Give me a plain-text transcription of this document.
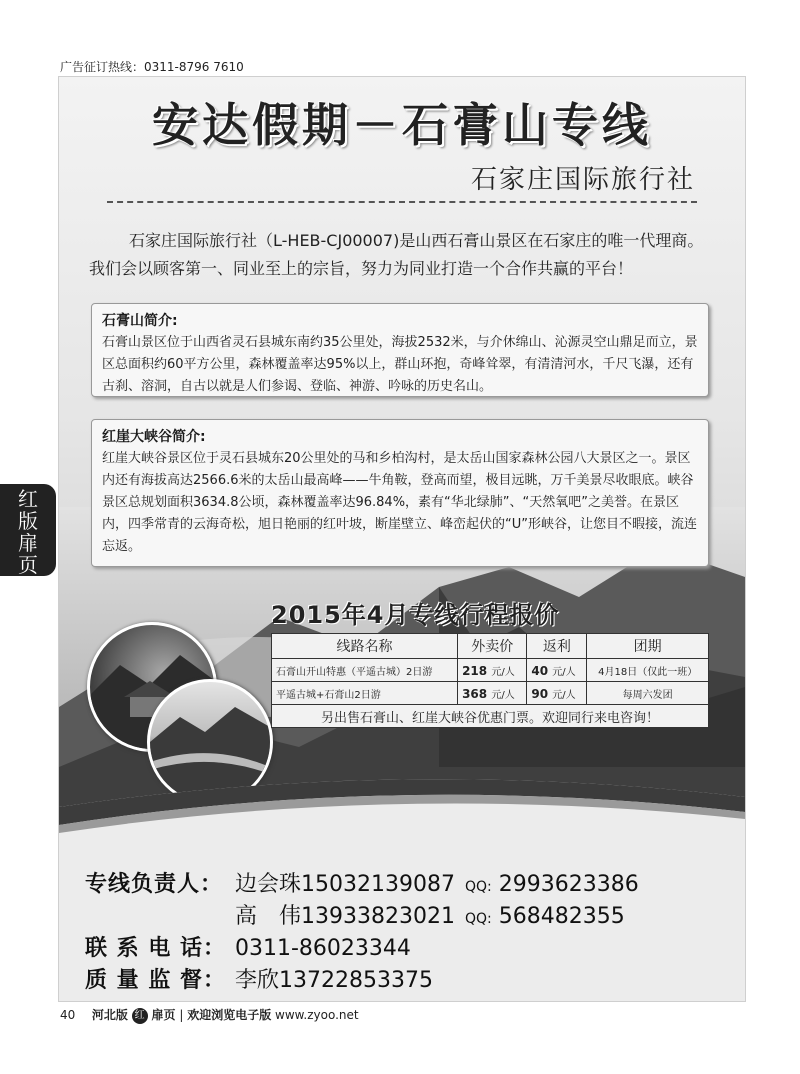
广告征订热线：0311-8796 7610
安达假期－石膏山专线
石家庄国际旅行社
石家庄国际旅行社（L-HEB-CJ00007)是山西石膏山景区在石家庄的唯一代理商。我们会以顾客第一、同业至上的宗旨，努力为同业打造一个合作共赢的平台！
石膏山简介:

石膏山景区位于山西省灵石县城东南约35公里处，海拔2532米，与介休绵山、沁源灵空山鼎足而立，景区总面积约60平方公里，森林覆盖率达95%以上，群山环抱，奇峰耸翠，有清清河水，千尺飞瀑，还有古刹、溶洞，自古以就是人们参谒、登临、神游、吟咏的历史名山。

红崖大峡谷简介:

红崖大峡谷景区位于灵石县城东20公里处的马和乡柏沟村，是太岳山国家森林公园八大景区之一。景区内还有海拔高达2566.6米的太岳山最高峰——牛角鞍，登高而望，极目远眺，万千美景尽收眼底。峡谷景区总规划面积3634.8公顷，森林覆盖率达96.84%，素有“华北绿肺”、“天然氧吧”之美誉。在景区内，四季常青的云海奇松，旭日艳丽的红叶坡，断崖壁立、峰峦起伏的“U”形峡谷，让您目不暇接，流连忘返。

2015年4月专线行程报价
线路名称	外卖价	返利	团期
石膏山开山特惠（平遥古城）2日游	218 元/人	40 元/人	4月18日（仅此一班）
平遥古城+石膏山2日游	368 元/人	90 元/人	每周六发团
另出售石膏山、红崖大峡谷优惠门票。欢迎同行来电咨询！			
专线负责人： 边会珠15032139087 QQ: 2993623386
高　伟13933823021 QQ: 568482355
联 系 电 话： 0311-86023344
质 量 监 督： 李欣13722853375
红
版
扉
页
40 河北版 红 扉页 | 欢迎浏览电子版 www.zyoo.net
